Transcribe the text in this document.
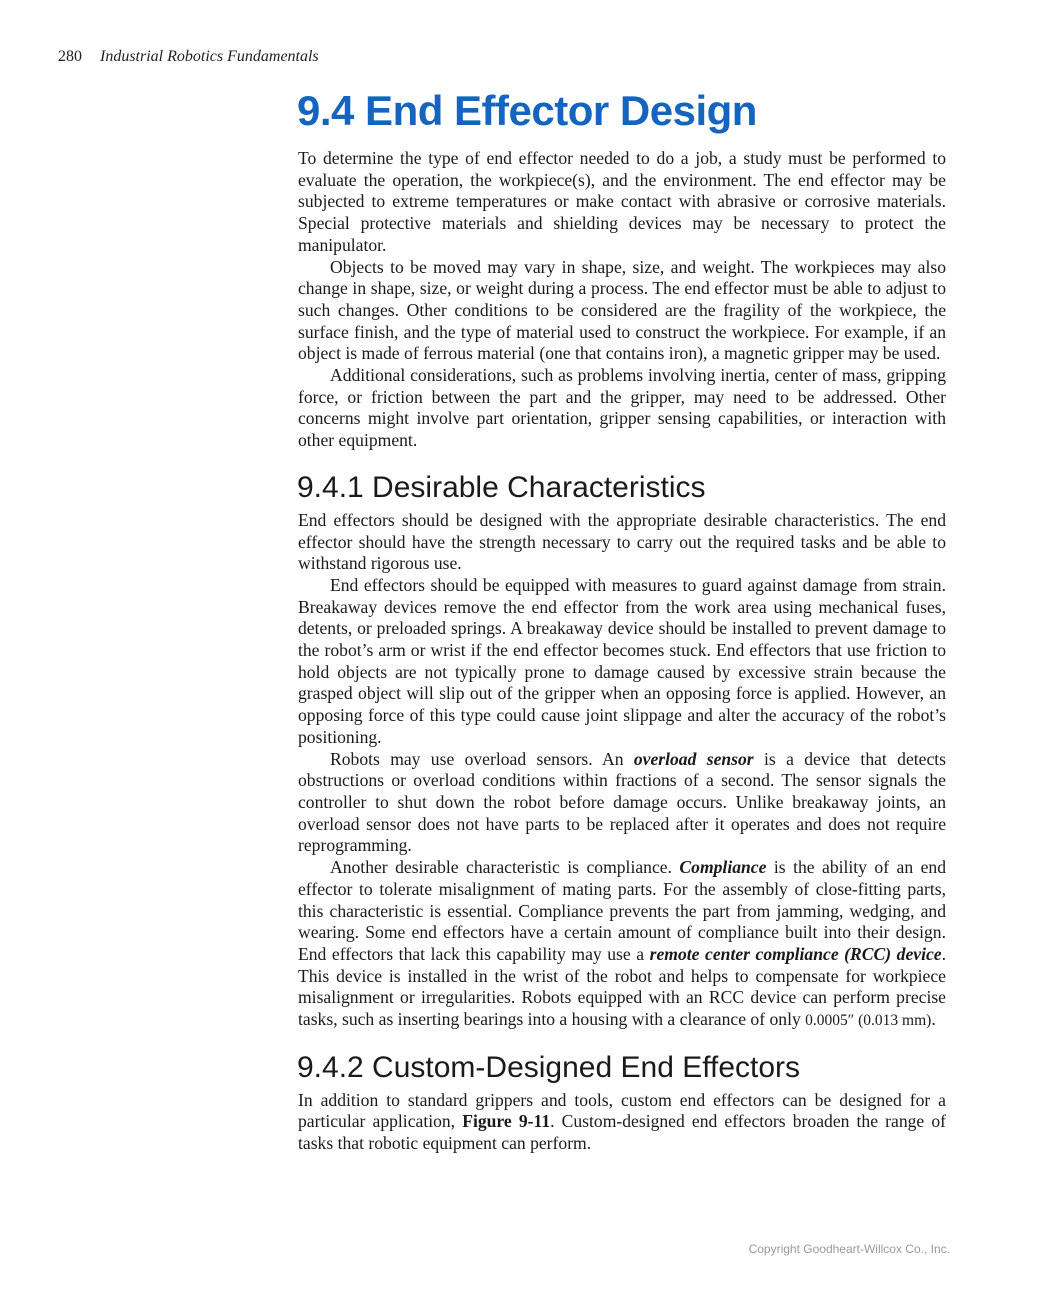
280 Industrial Robotics Fundamentals
9.4 End Effector Design

To determine the type of end effector needed to do a job, a study must be performed to evaluate the operation, the workpiece(s), and the environment. The end effector may be subjected to extreme temperatures or make contact with abrasive or corrosive materials. Special protective materials and shielding devices may be necessary to protect the manipulator.

Objects to be moved may vary in shape, size, and weight. The workpieces may also change in shape, size, or weight during a process. The end effector must be able to adjust to such changes. Other conditions to be considered are the fragility of the workpiece, the surface finish, and the type of material used to construct the workpiece. For example, if an object is made of ferrous material (one that contains iron), a magnetic gripper may be used.

Additional considerations, such as problems involving inertia, center of mass, gripping force, or friction between the part and the gripper, may need to be addressed. Other concerns might involve part orientation, gripper sensing capabilities, or interaction with other equipment.

9.4.1 Desirable Characteristics

End effectors should be designed with the appropriate desirable characteristics. The end effector should have the strength necessary to carry out the required tasks and be able to withstand rigorous use.

End effectors should be equipped with measures to guard against damage from strain. Breakaway devices remove the end effector from the work area using mechanical fuses, detents, or preloaded springs. A breakaway device should be installed to prevent damage to the robot’s arm or wrist if the end effector becomes stuck. End effectors that use friction to hold objects are not typically prone to damage caused by excessive strain because the grasped object will slip out of the gripper when an opposing force is applied. However, an opposing force of this type could cause joint slippage and alter the accuracy of the robot’s positioning.

Robots may use overload sensors. An overload sensor is a device that detects obstructions or overload conditions within fractions of a second. The sensor signals the controller to shut down the robot before damage occurs. Unlike breakaway joints, an overload sensor does not have parts to be replaced after it operates and does not require reprogramming.

Another desirable characteristic is compliance. Compliance is the ability of an end effector to tolerate misalignment of mating parts. For the assembly of close-fitting parts, this characteristic is essential. Compliance prevents the part from jamming, wedging, and wearing. Some end effectors have a certain amount of compliance built into their design. End effectors that lack this capability may use a remote center compliance (RCC) device. This device is installed in the wrist of the robot and helps to compensate for workpiece misalignment or irregularities. Robots equipped with an RCC device can perform precise tasks, such as inserting bearings into a housing with a clearance of only 0.0005″ (0.013 mm).

9.4.2 Custom-Designed End Effectors

In addition to standard grippers and tools, custom end effectors can be designed for a particular application, Figure 9-11. Custom-designed end effectors broaden the range of tasks that robotic equipment can perform.

Copyright Goodheart-Willcox Co., Inc.
